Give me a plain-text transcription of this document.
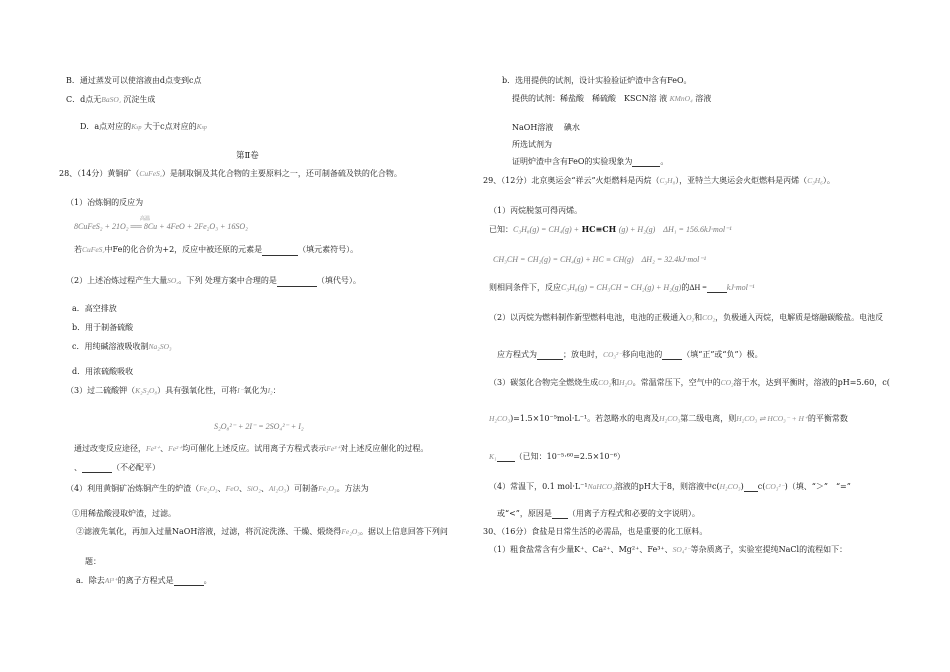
B．通过蒸发可以使溶液由d点变到c点
C．d点无BaSO₄ 沉淀生成
D．a点对应的Ksp 大于c点对应的Ksp
第Ⅱ卷
28、（14分）黄铜矿（CuFeS₂）是制取铜及其化合物的主要原料之一，还可制备硫及铁的化合物。
（1）冶炼铜的反应为
高温
8CuFeS₂ + 21O₂ ══ 8Cu + 4FeO + 2Fe₂O₃ + 16SO₂
若CuFeS₂中Fe的化合价为+2，反应中被还原的元素是	（填元素符号）。
（2）上述冶炼过程产生大量SO₂。下列 处理方案中合理的是	（填代号）。
a．高空排放
b．用于制备硫酸
c．用纯碱溶液吸收制Na₂SO₃
d．用浓硫酸吸收
（3）过二硫酸钾（K₂S₂O₈）具有强氧化性，可将I⁻氧化为I₂：
S₂O₈²⁻ + 2I⁻ = 2SO₄²⁻ + I₂
通过改变反应途径，Fe³⁺、Fe²⁺均可催化上述反应。试用离子方程式表示Fe³⁺对上述反应催化的过程。
、	（不必配平）
（4）利用黄铜矿冶炼铜产生的炉渣（Fe₂O₃、FeO、SiO₂、Al₂O₃）可制备Fe₂O₃。方法为
①用稀盐酸浸取炉渣，过滤。
②滤液先氧化，再加入过量NaOH溶液，过滤，将沉淀洗涤、干燥、煅烧得Fe₂O₃。据以上信息回答下列问
题：
a．除去Al³⁺的离子方程式是	。
b．选用提供的试剂，设计实验验证炉渣中含有FeO。
提供的试剂：稀盐酸　稀硫酸　KSCN溶 液 KMnO₄ 溶液
NaOH溶液　 碘水
所选试剂为
证明炉渣中含有FeO的实验现象为	。
29、（12分）北京奥运会“祥云”火炬燃料是丙烷（C₃H₈），亚特兰大奥运会火炬燃料是丙烯（C₃H₆）。
（1）丙烷脱氢可得丙烯。
已知：C₃H₈(g) = CH₄(g) + HC≡CH (g) + H₂(g)　ΔH₁ = 156.6kJ·mol⁻¹
CH₃CH = CH₂(g) = CH₄(g) + HC ≡ CH(g)　ΔH₂ = 32.4kJ·mol⁻¹
则相同条件下，反应C₃H₈(g) = CH₃CH = CH₂(g) + H₂(g)的ΔH =	kJ·mol⁻¹
（2）以丙烷为燃料制作新型燃料电池，电池的正极通入O₂和CO₂，负极通入丙烷，电解质是熔融碳酸盐。电池反
应方程式为	；放电时，CO₃²⁻移向电池的	（填“正”或“负”）极。
（3）碳氢化合物完全燃烧生成CO₂和H₂O。常温常压下，空气中的CO₂溶于水，达到平衡时，溶液的pH=5.60，c(
H₂CO₃)=1.5×10⁻⁵mol·L⁻¹。若忽略水的电离及H₂CO₃第二级电离，则H₂CO₃ ⇌ HCO₃⁻ + H⁺的平衡常数
K₁ （已知：10⁻⁵·⁶⁰=2.5×10⁻⁶）
（4）常温下，0.1 mol·L⁻¹NaHCO₃溶液的pH大于8，则溶液中c(H₂CO₃) c(CO₃²⁻)（填、“＞”　“=”
或“<”，原因是 （用离子方程式和必要的文字说明）。
30、（16分）食盐是日常生活的必需品，也是重要的化工原料。
（1）粗食盐常含有少量K⁺、Ca²⁺、Mg²⁺、Fe³⁺、SO₄²⁻等杂质离子，实验室提纯NaCl的流程如下：
